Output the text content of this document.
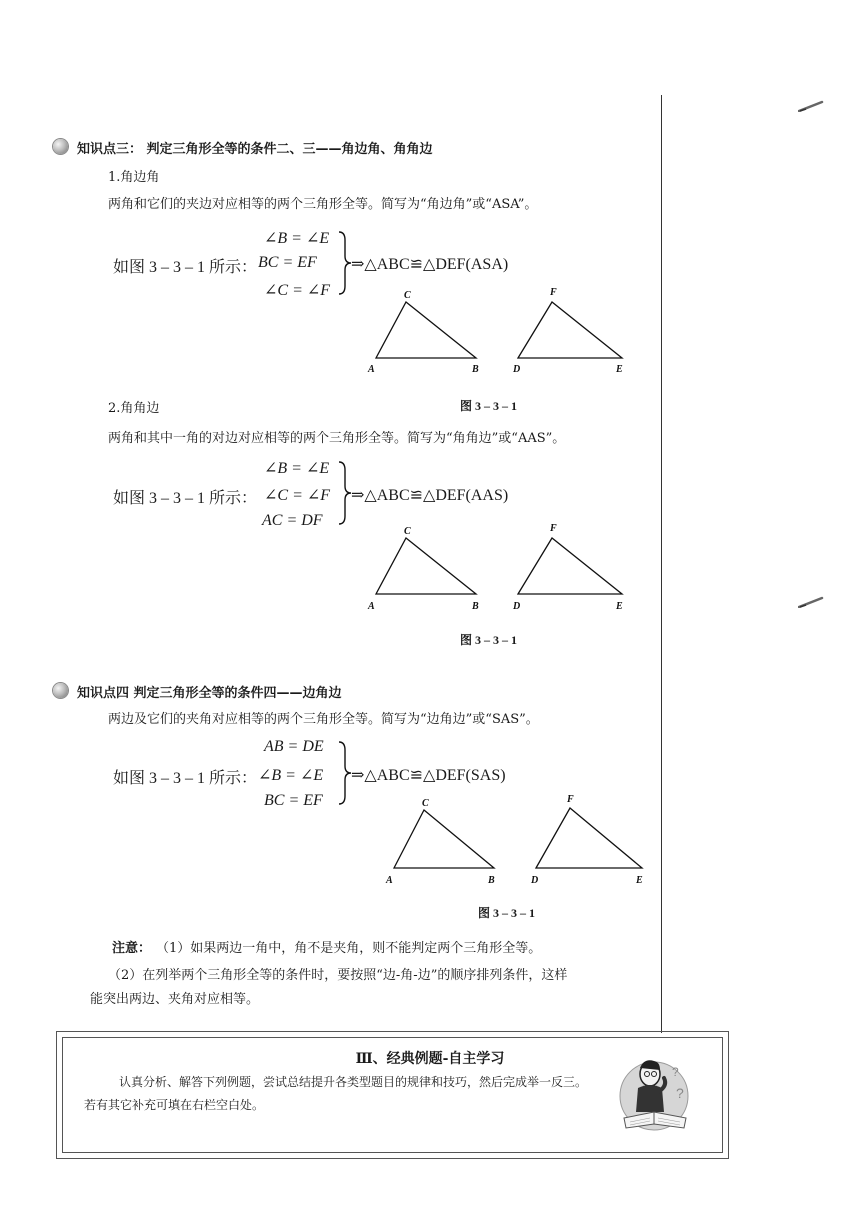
知识点三： 判定三角形全等的条件二、三——角边角、角角边
1.角边角
两角和它们的夹边对应相等的两个三角形全等。简写为“角边角”或“ASA”。
如图 3 – 3 – 1 所示：
∠B = ∠E
BC = EF
∠C = ∠F
⇒△ABC≌△DEF(ASA)
A
C
B	D
F
E
2.角角边	图 3 – 3 – 1
两角和其中一角的对边对应相等的两个三角形全等。简写为“角角边”或“AAS”。
如图 3 – 3 – 1 所示：
∠B = ∠E
∠C = ∠F
AC = DF
⇒△ABC≌△DEF(AAS)
A
C
B	D
F
E
图 3 – 3 – 1
知识点四 判定三角形全等的条件四——边角边
两边及它们的夹角对应相等的两个三角形全等。简写为“边角边”或“SAS”。
如图 3 – 3 – 1 所示：
AB = DE
∠B = ∠E
BC = EF
⇒△ABC≌△DEF(SAS)
A
C
B	D
F
E
图 3 – 3 – 1
注意： （1）如果两边一角中，角不是夹角，则不能判定两个三角形全等。
（2）在列举两个三角形全等的条件时，要按照“边-角-边”的顺序排列条件，这样
能突出两边、夹角对应相等。
Ⅲ、经典例题-自主学习
认真分析、解答下列例题，尝试总结提升各类型题目的规律和技巧，然后完成举一反三。
若有其它补充可填在右栏空白处。
?
?
